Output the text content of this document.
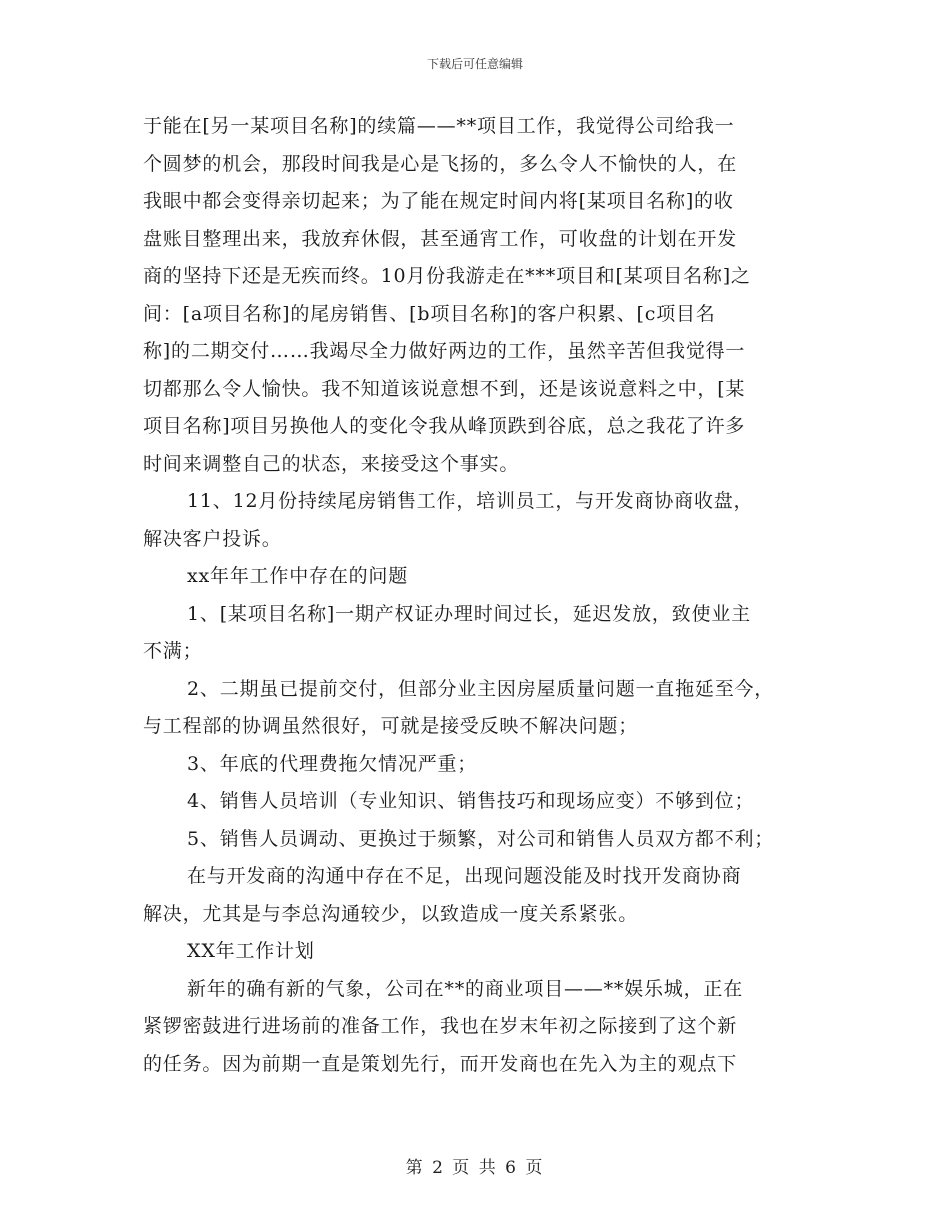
下载后可任意编辑
于能在[另一某项目名称]的续篇——**项目工作，我觉得公司给我一
个圆梦的机会，那段时间我是心是飞扬的，多么令人不愉快的人，在
我眼中都会变得亲切起来；为了能在规定时间内将[某项目名称]的收
盘账目整理出来，我放弃休假，甚至通宵工作，可收盘的计划在开发
商的坚持下还是无疾而终。10月份我游走在***项目和[某项目名称]之
间：[a项目名称]的尾房销售、[b项目名称]的客户积累、[c项目名
称]的二期交付……我竭尽全力做好两边的工作，虽然辛苦但我觉得一
切都那么令人愉快。我不知道该说意想不到，还是该说意料之中，[某
项目名称]项目另换他人的变化令我从峰顶跌到谷底，总之我花了许多
时间来调整自己的状态，来接受这个事实。
11、12月份持续尾房销售工作，培训员工，与开发商协商收盘，
解决客户投诉。
xx年年工作中存在的问题
1、[某项目名称]一期产权证办理时间过长，延迟发放，致使业主
不满；
2、二期虽已提前交付，但部分业主因房屋质量问题一直拖延至今，
与工程部的协调虽然很好，可就是接受反映不解决问题；
3、年底的代理费拖欠情况严重；
4、销售人员培训（专业知识、销售技巧和现场应变）不够到位；
5、销售人员调动、更换过于频繁，对公司和销售人员双方都不利；
在与开发商的沟通中存在不足，出现问题没能及时找开发商协商
解决，尤其是与李总沟通较少，以致造成一度关系紧张。
XX年工作计划
新年的确有新的气象，公司在**的商业项目——**娱乐城，正在
紧锣密鼓进行进场前的准备工作，我也在岁末年初之际接到了这个新
的任务。因为前期一直是策划先行，而开发商也在先入为主的观点下
第 2 页 共 6 页
